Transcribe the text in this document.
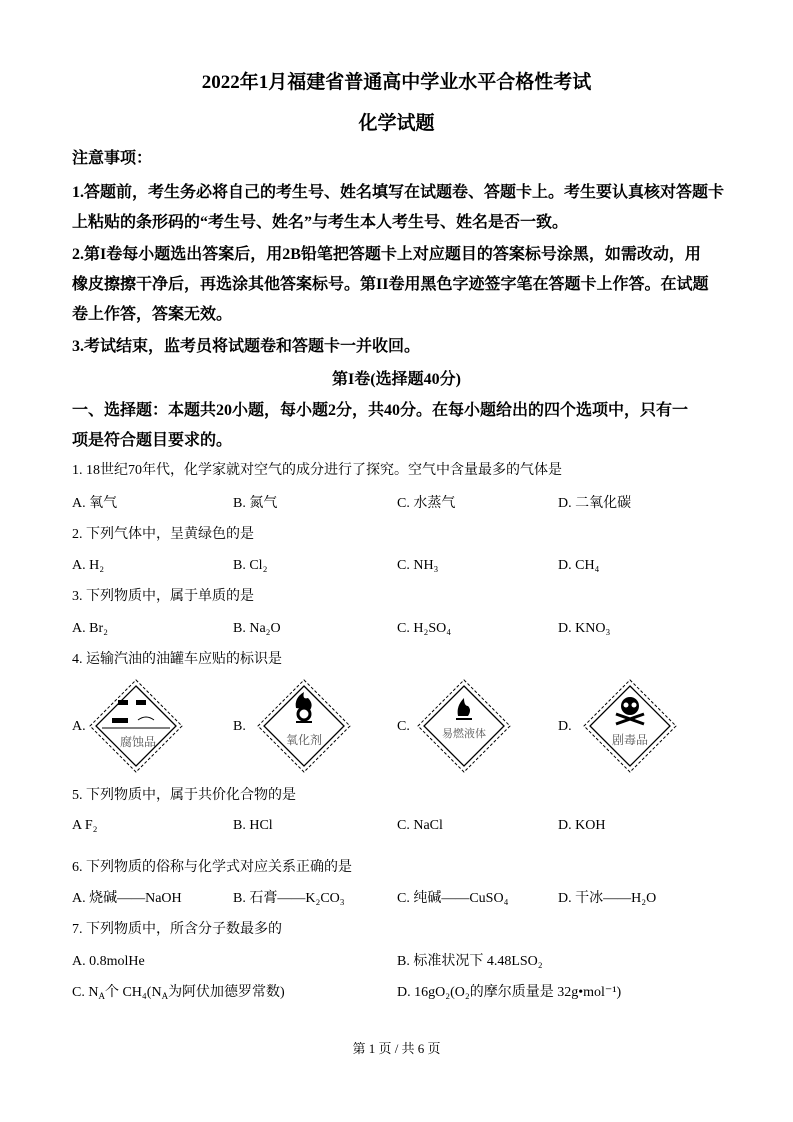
2022年1月福建省普通高中学业水平合格性考试
化学试题
注意事项：
1.答题前，考生务必将自己的考生号、姓名填写在试题卷、答题卡上。考生要认真核对答题卡
上粘贴的条形码的“考生号、姓名”与考生本人考生号、姓名是否一致。
2.第I卷每小题选出答案后，用2B铅笔把答题卡上对应题目的答案标号涂黑，如需改动，用
橡皮擦擦干净后，再选涂其他答案标号。第II卷用黑色字迹签字笔在答题卡上作答。在试题
卷上作答，答案无效。
3.考试结束，监考员将试题卷和答题卡一并收回。
第I卷(选择题40分)
一、选择题：本题共20小题，每小题2分，共40分。在每小题给出的四个选项中，只有一
项是符合题目要求的。
1. 18世纪70年代，化学家就对空气的成分进行了探究。空气中含量最多的气体是
A. 氧气	B. 氮气	C. 水蒸气	D. 二氧化碳
2. 下列气体中，呈黄绿色的是
A. H₂	B. Cl₂	C. NH₃	D. CH₄
3. 下列物质中，属于单质的是
A. Br₂	B. Na₂O	C. H₂SO₄	D. KNO₃
4. 运输汽油的油罐车应贴的标识是
A.	B.	C.	D.
腐蚀品	氧化剂	易燃液体	剧毒品
5. 下列物质中，属于共价化合物的是
A F₂	B. HCl	C. NaCl	D. KOH
6. 下列物质的俗称与化学式对应关系正确的是
A. 烧碱——NaOH	B. 石膏——K₂CO₃	C. 纯碱——CuSO₄	D. 干冰——H₂O
7. 下列物质中，所含分子数最多的
A. 0.8molHe	B. 标准状况下 4.48LSO₂
C. $N_A$个 $CH_4(N_A$为阿伏加德罗常数)	D. 16gO₂(O₂的摩尔质量是 32g•mol⁻¹)
第 1 页 / 共 6 页
